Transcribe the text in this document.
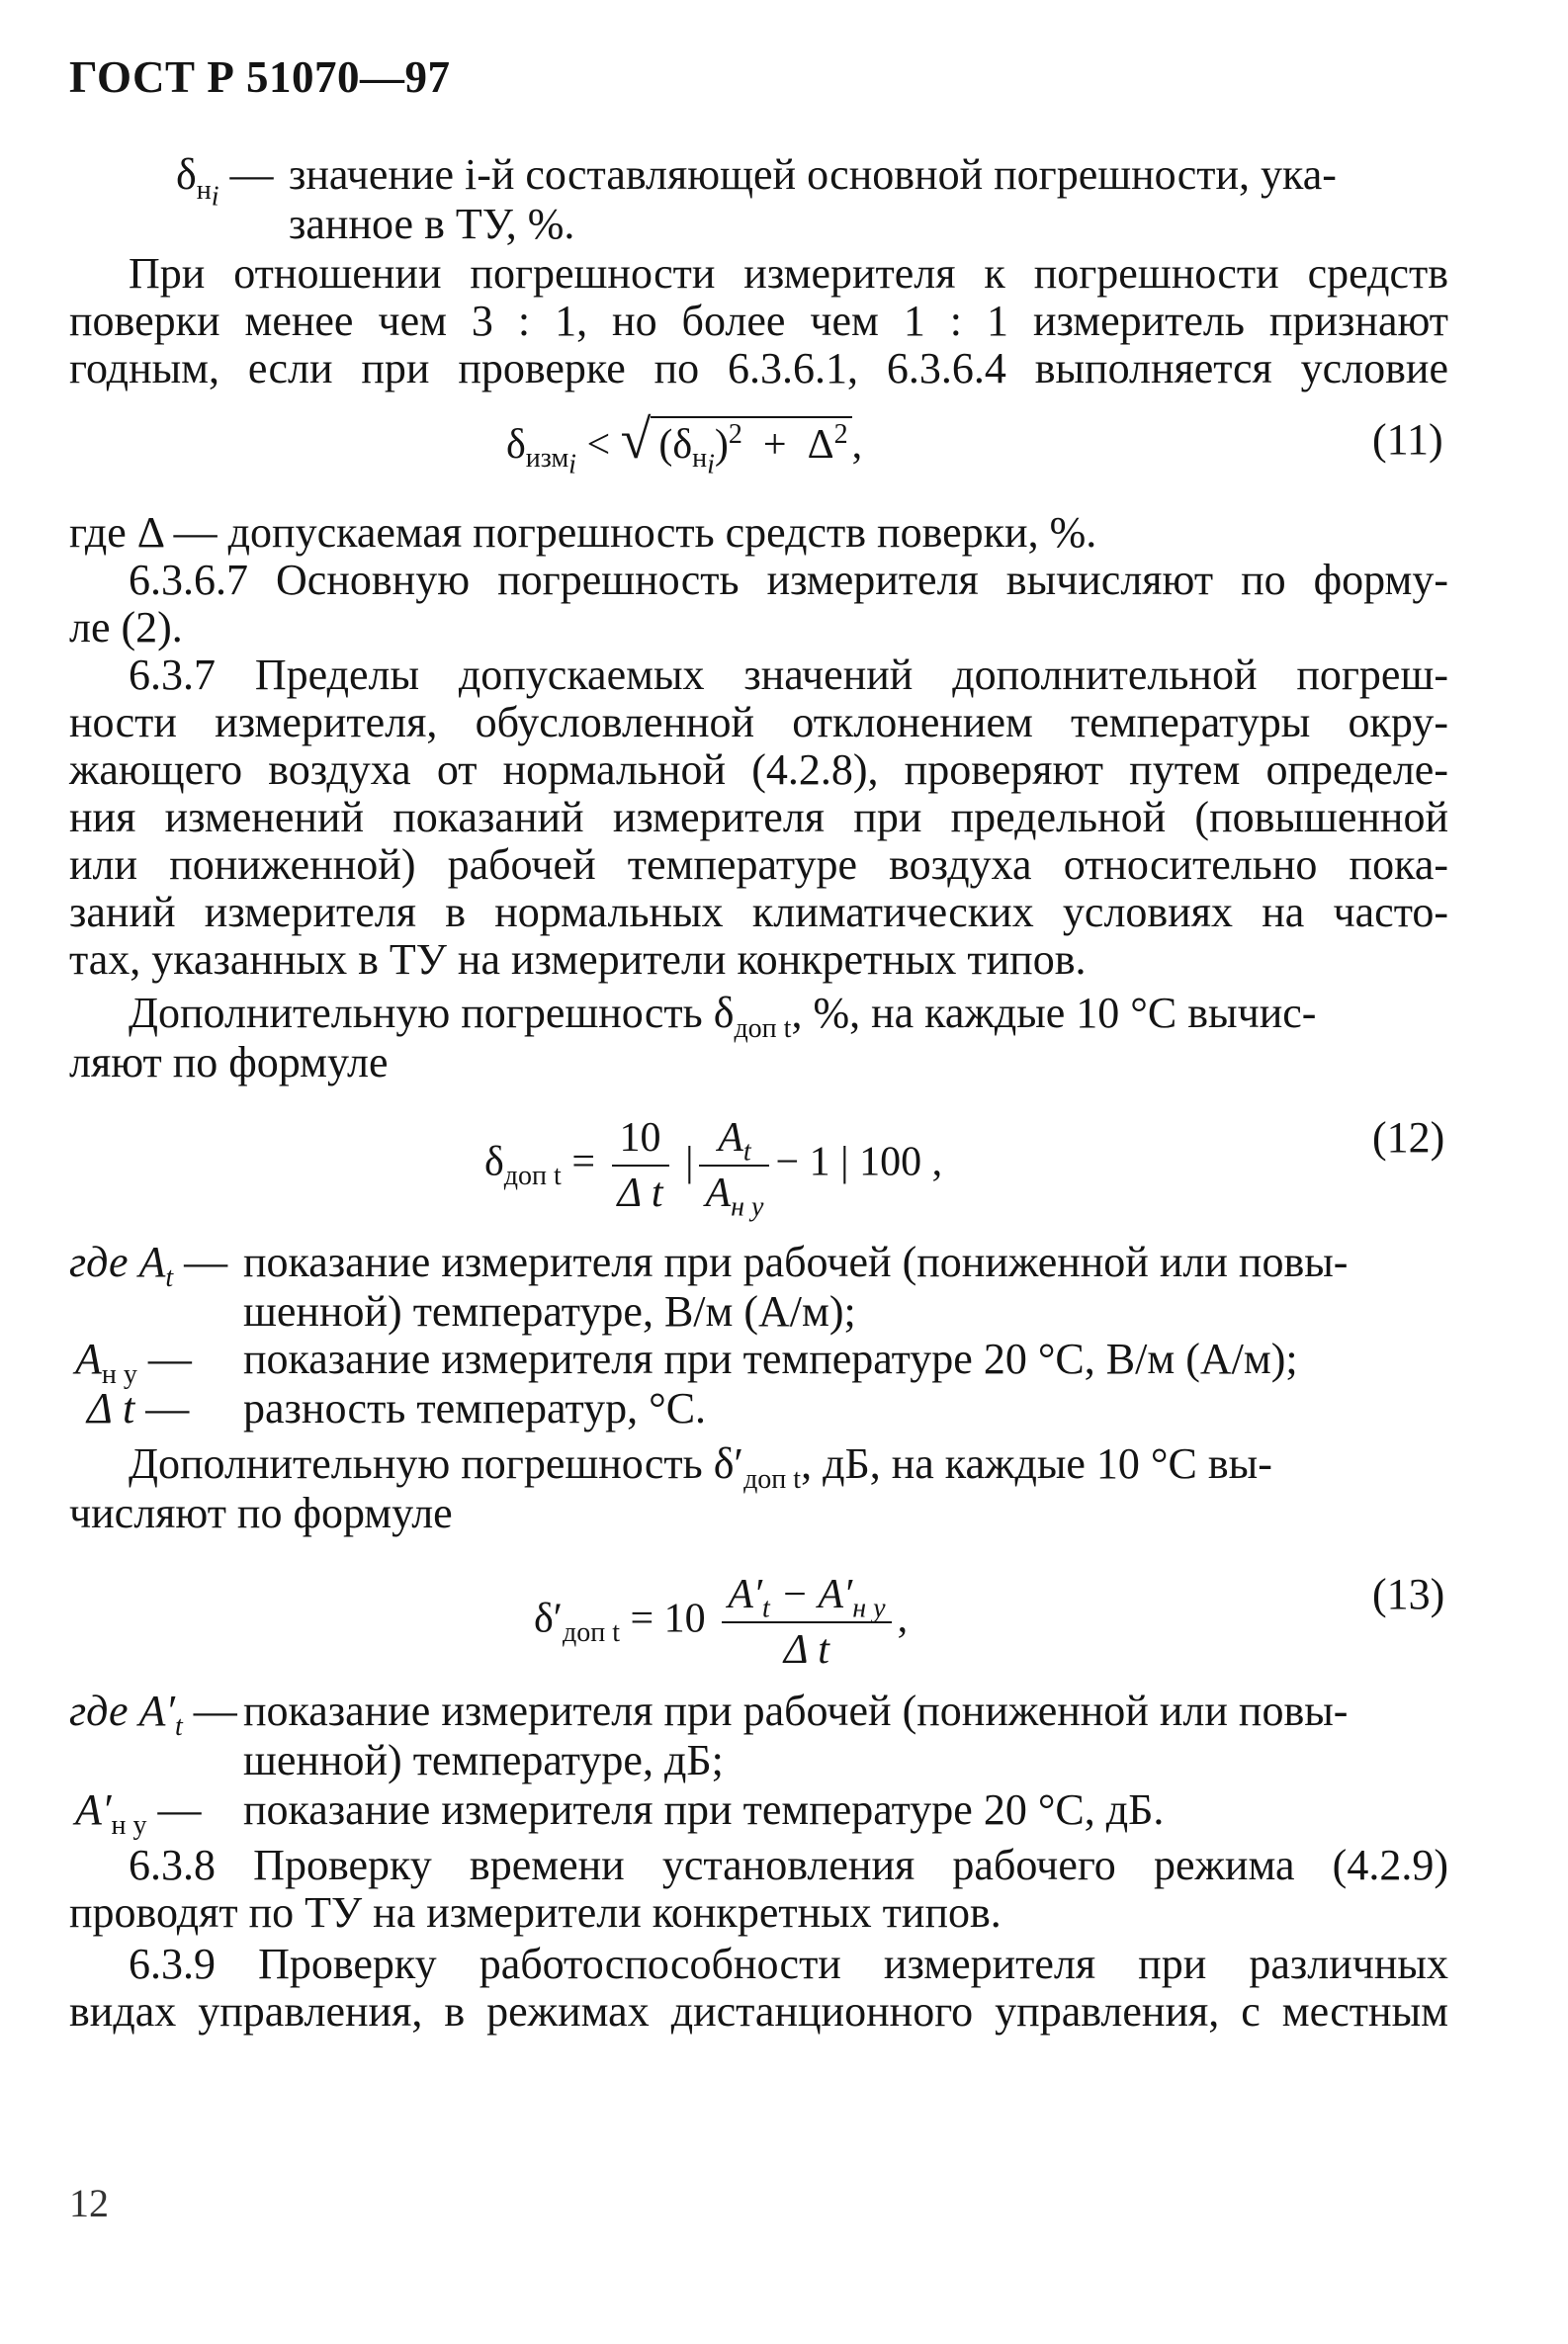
ГОСТ Р 51070—97
$\delta_{н_i}$ — значение i-й составляющей основной погрешности, ука-
занное в ТУ, %.
При отношении погрешности измерителя к погрешности средств
поверки менее чем 3 : 1, но более чем 1 : 1 измеритель признают
годным, если при проверке по 6.3.6.1, 6.3.6.4 выполняется условие
$\delta_{изм_i}$ < √ $(\delta_{н_i})^2 + \Delta^2$,	(11)
где Δ — допускаемая погрешность средств поверки, %.
6.3.6.7 Основную погрешность измерителя вычисляют по форму-
ле (2).
6.3.7 Пределы допускаемых значений дополнительной погреш-
ности измерителя, обусловленной отклонением температуры окру-
жающего воздуха от нормальной (4.2.8), проверяют путем определе-
ния изменений показаний измерителя при предельной (повышенной
или пониженной) рабочей температуре воздуха относительно пока-
заний измерителя в нормальных климатических условиях на часто-
тах, указанных в ТУ на измерители конкретных типов.
Дополнительную погрешность $\delta_{доп t}$, %, на каждые 10 °С вычис-
ляют по формуле
$\delta_{доп t} = \frac{10}{\text{Δ t}}$ | $\frac{A_t}{A_{н у}} - 1$ | 100 ,
(12)
где $A_t$ — показание измерителя при рабочей (пониженной или повы-
шенной) температуре, В/м (А/м);
$A_{н у}$ — показание измерителя при температуре 20 °С, В/м (А/м);
Δ t — разность температур, °С.
Дополнительную погрешность $\delta'_{доп t}$, дБ, на каждые 10 °С вы-
числяют по формуле
$\delta'_{доп t} = 10 \frac{A'_t - A'_{н у}}{\text{Δ t}}$ ,
(13)
где $A'_t$ — показание измерителя при рабочей (пониженной или повы-
шенной) температуре, дБ;
$A'_{н у}$ — показание измерителя при температуре 20 °С, дБ.
6.3.8 Проверку времени установления рабочего режима (4.2.9)
проводят по ТУ на измерители конкретных типов.
6.3.9 Проверку работоспособности измерителя при различных
видах управления, в режимах дистанционного управления, с местным
12
